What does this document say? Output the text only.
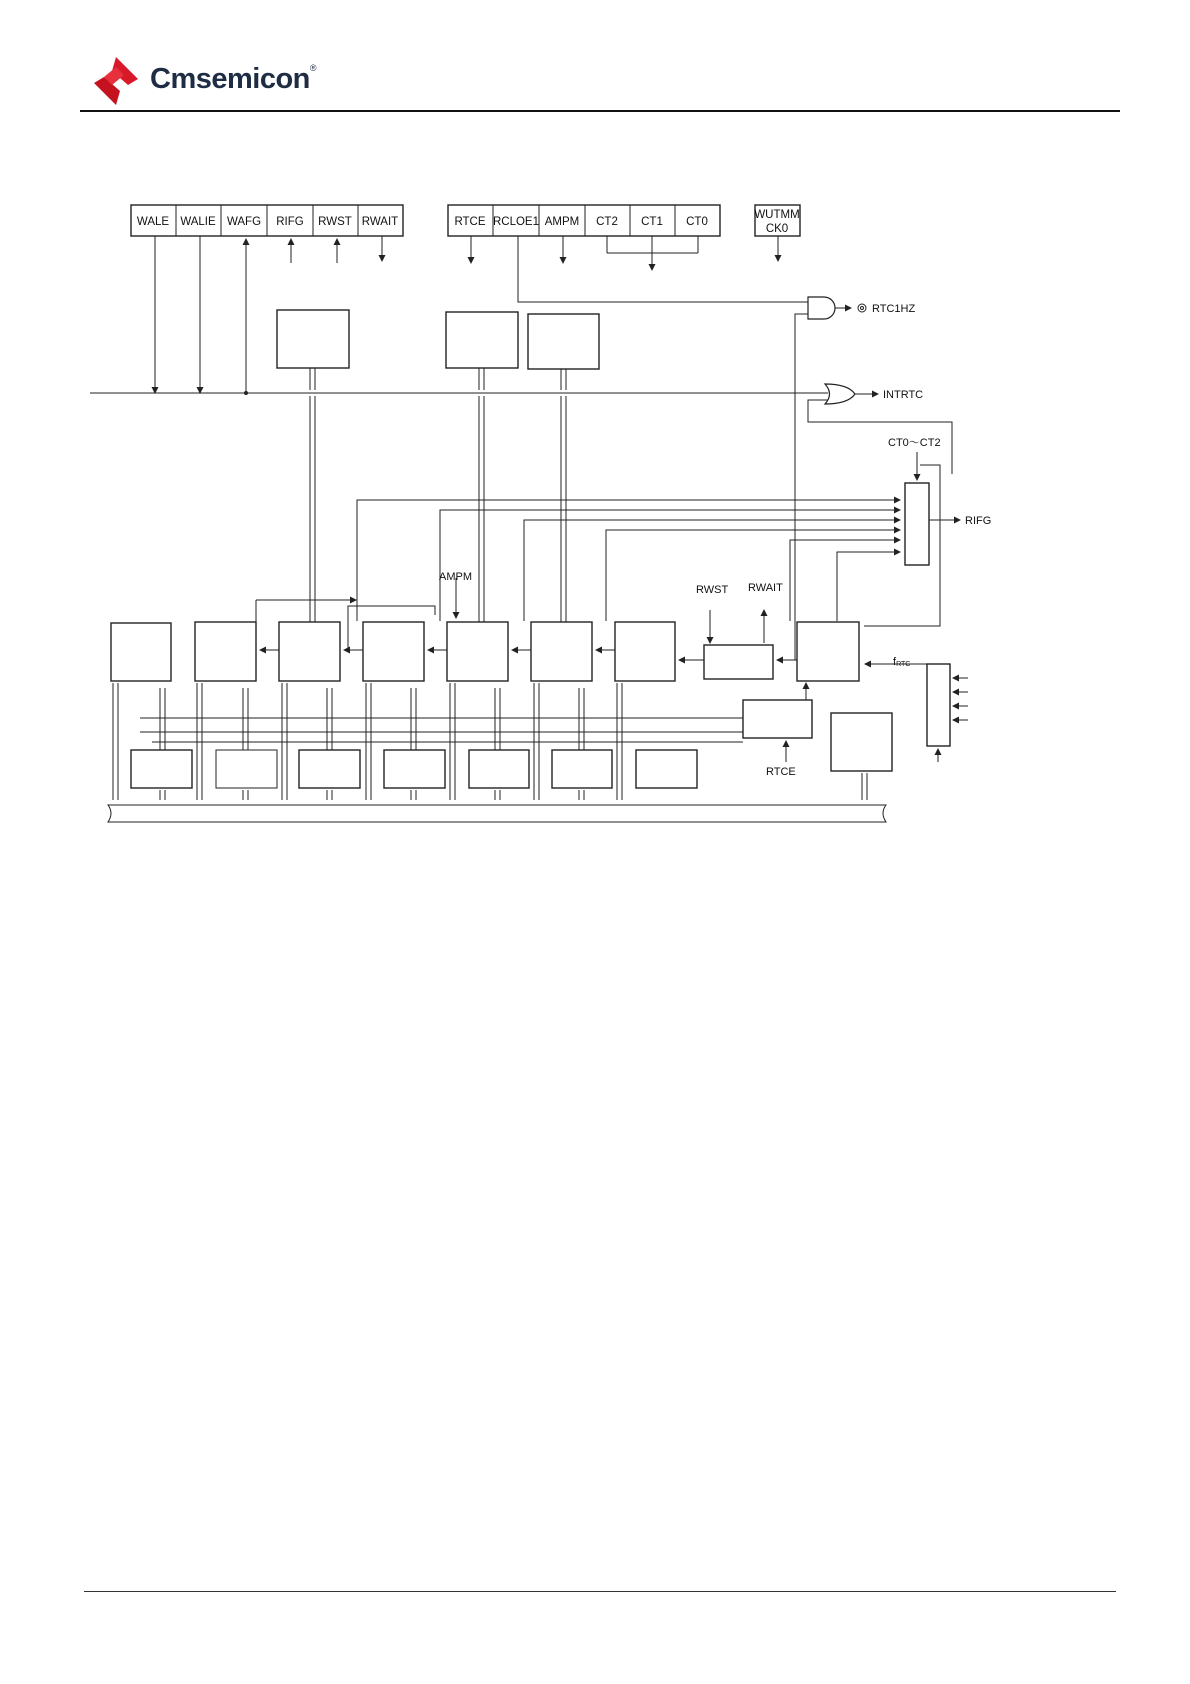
Cmsemicon®
WALE WALIE WAFG RIFG RWST RWAIT	RTCE RCLOE1 AMPM CT2 CT1 CT0
WUTMM
CK0
RTC1HZ
INTRTC
CT0～CT2
RIFG
AMPM
RWST RWAIT
RTCE
fRTC
